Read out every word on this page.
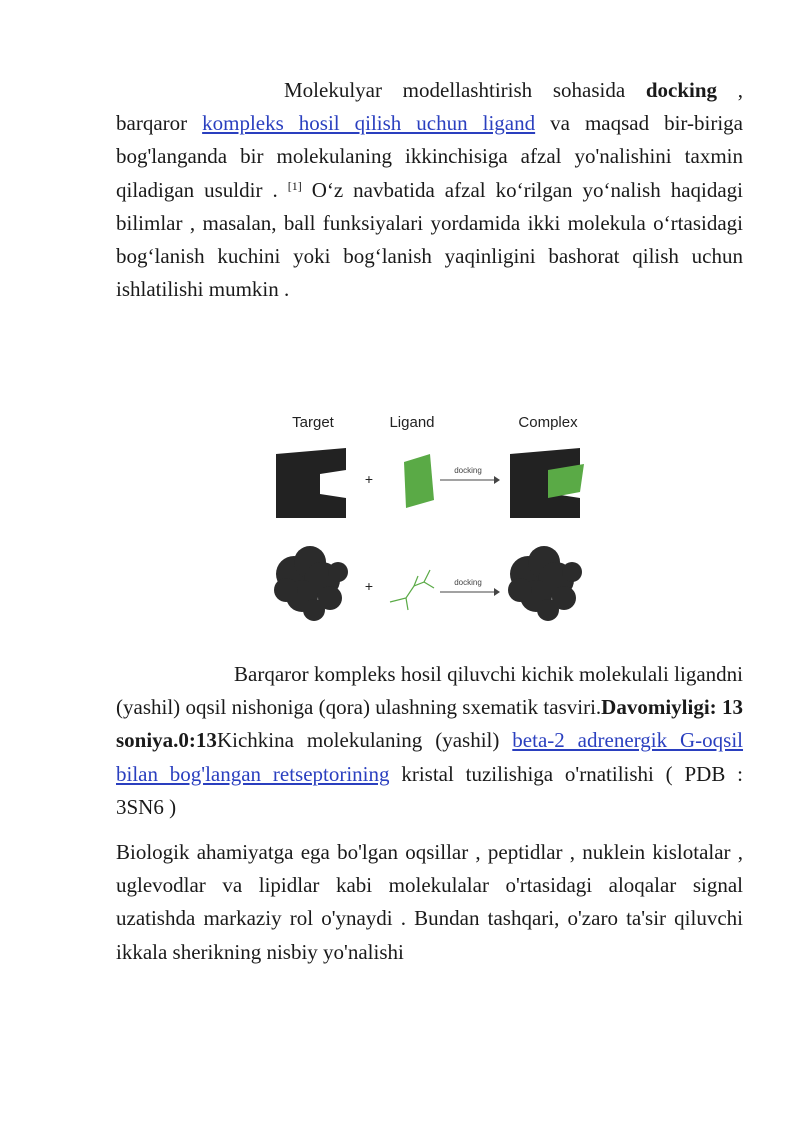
Molekulyar modellashtirish sohasida docking , barqaror kompleks hosil qilish uchun ligand va maqsad bir-biriga bog'langanda bir molekulaning ikkinchisiga afzal yo'nalishini taxmin qiladigan usuldir . [1] O‘z navbatida afzal ko‘rilgan yo‘nalish haqidagi bilimlar , masalan, ball funksiyalari yordamida ikki molekula o‘rtasidagi bog‘lanish kuchini yoki bog‘lanish yaqinligini bashorat qilish uchun ishlatilishi mumkin .

Target	Ligand	Complex
+
docking
+	docking

Barqaror kompleks hosil qiluvchi kichik molekulali ligandni (yashil) oqsil nishoniga (qora) ulashning sxematik tasviri.Davomiyligi: 13 soniya.0:13Kichkina molekulaning (yashil) beta-2 adrenergik G-oqsil bilan bog'langan retseptorining kristal tuzilishiga o'rnatilishi ( PDB : 3SN6 )

Biologik ahamiyatga ega bo'lgan oqsillar , peptidlar , nuklein kislotalar , uglevodlar va lipidlar kabi molekulalar o'rtasidagi aloqalar signal uzatishda markaziy rol o'ynaydi . Bundan tashqari, o'zaro ta'sir qiluvchi ikkala sherikning nisbiy yo'nalishi
